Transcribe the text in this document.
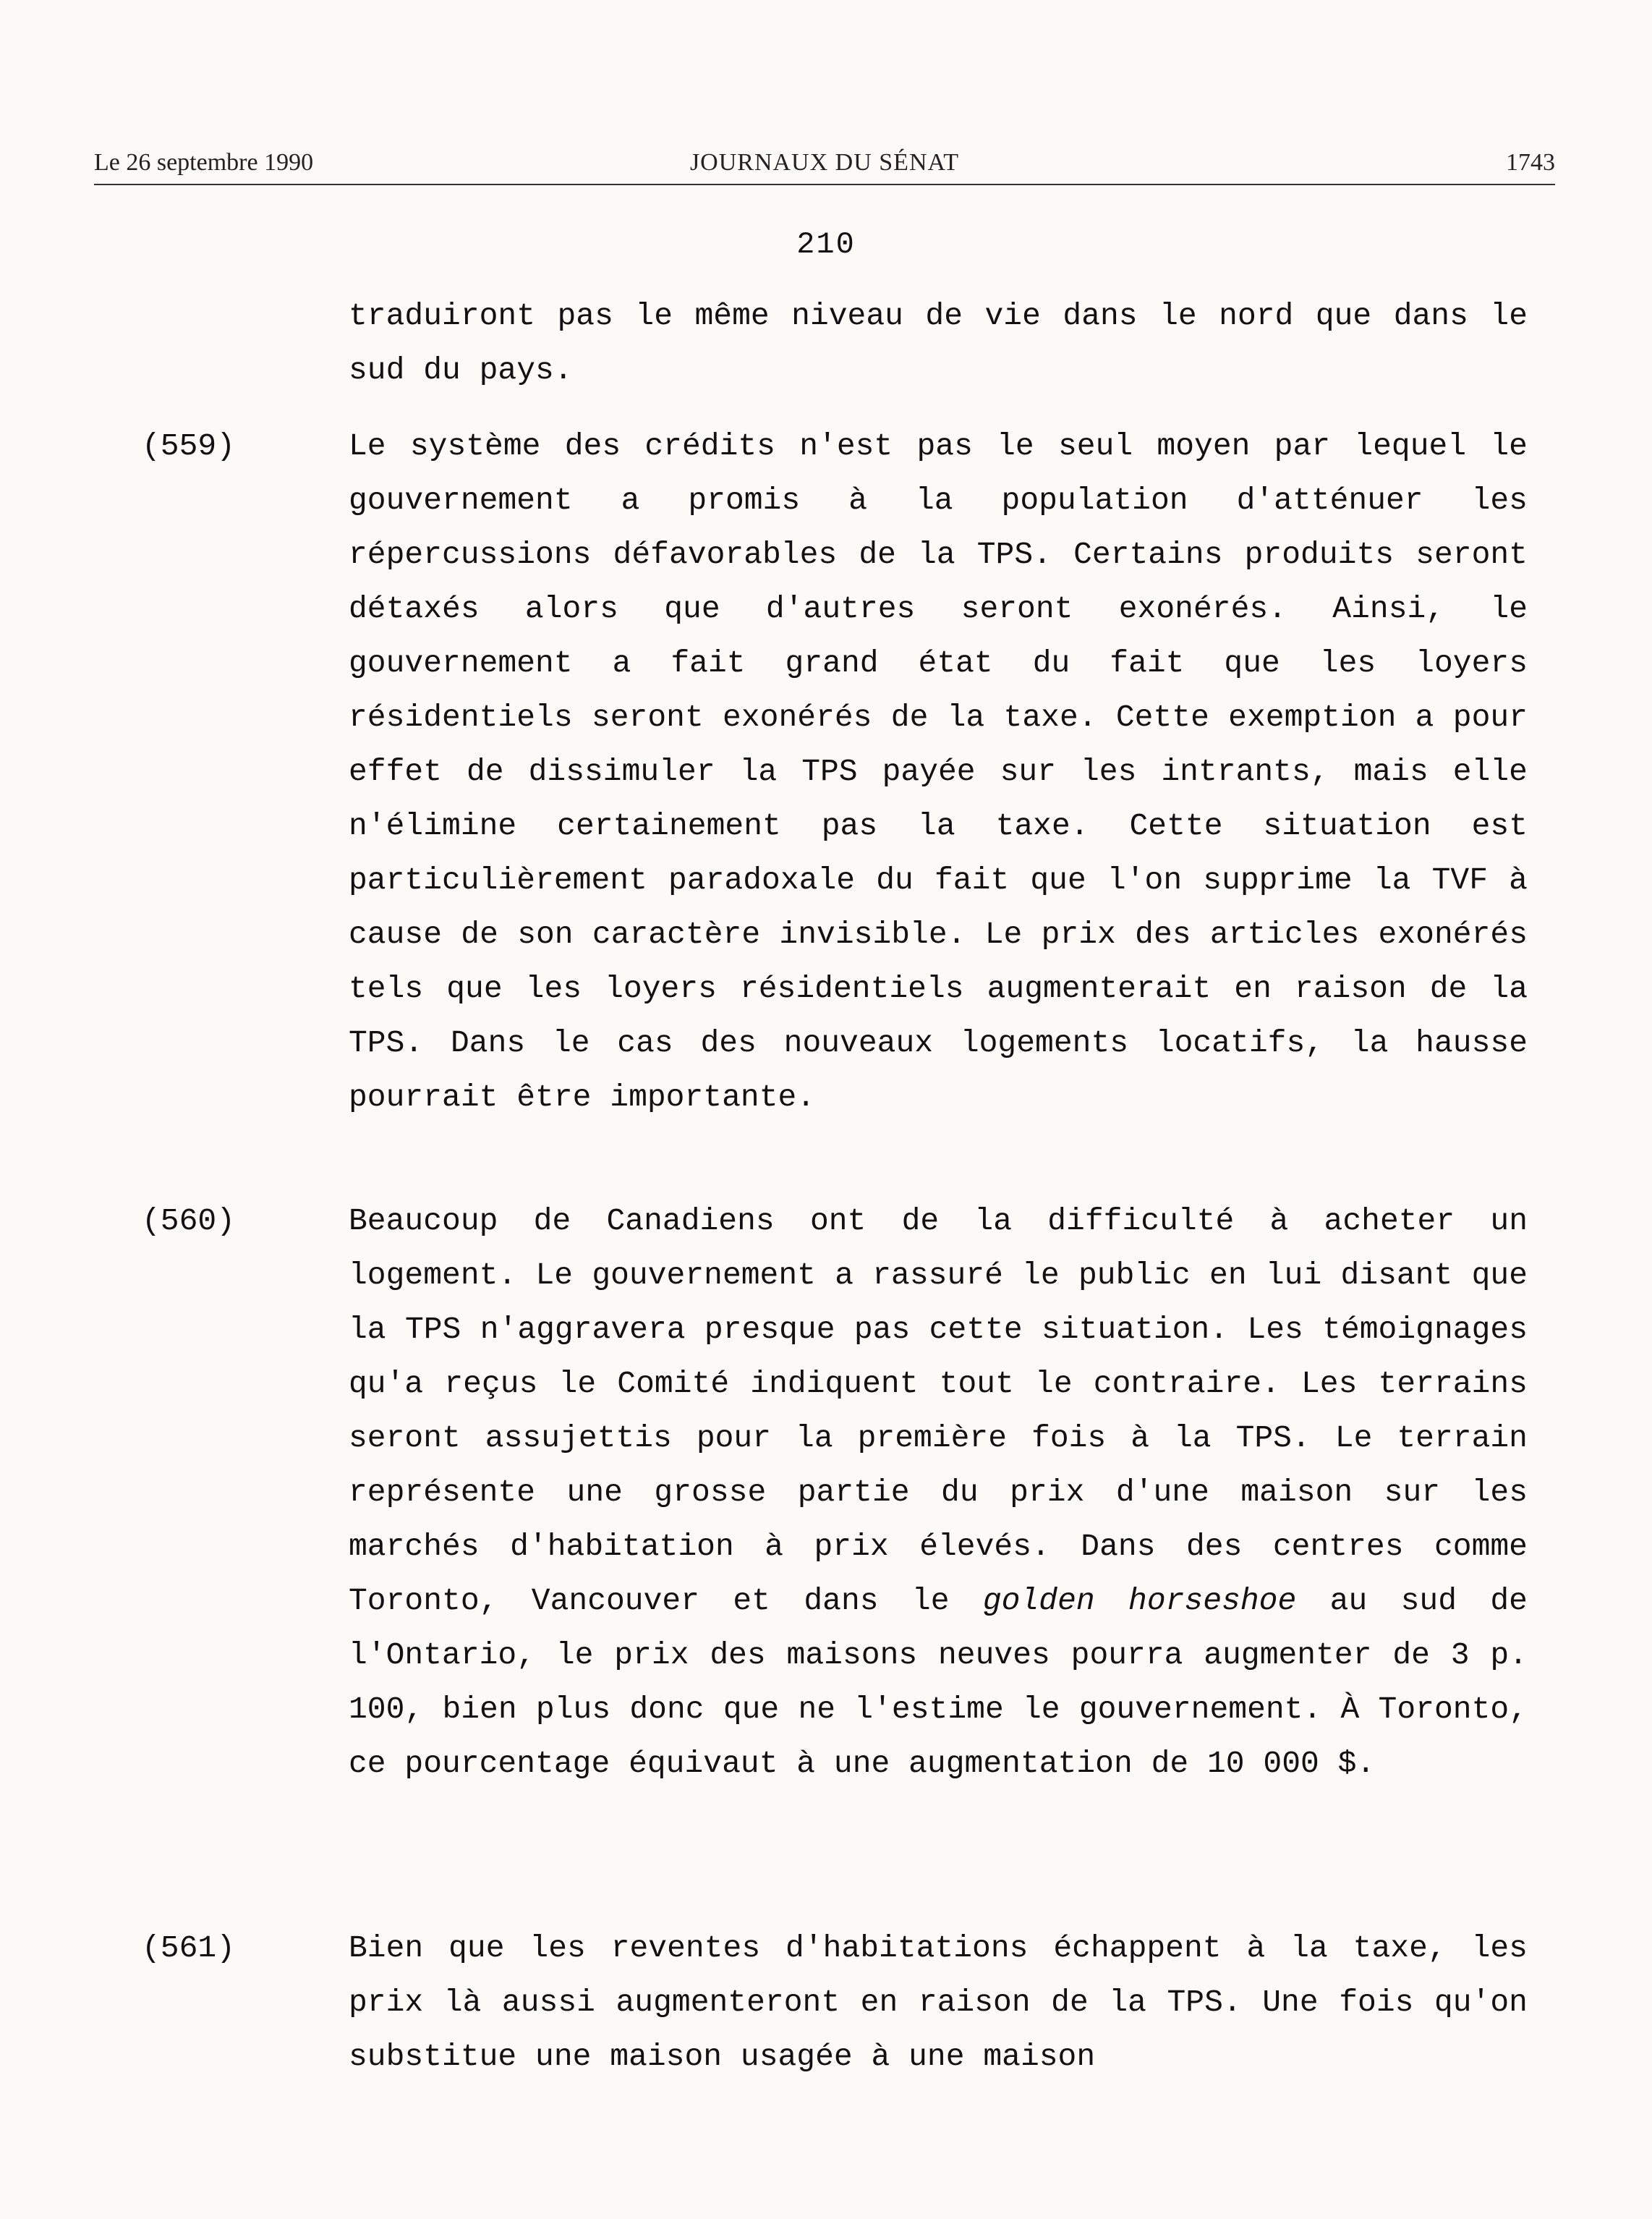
Le 26 septembre 1990	JOURNAUX DU SÉNAT	1743
210
traduiront pas le même niveau de vie dans le nord que dans le sud du pays.
(559)	Le système des crédits n'est pas le seul moyen par lequel le gouvernement a promis à la population d'atténuer les répercussions défavorables de la TPS. Certains produits seront détaxés alors que d'autres seront exonérés. Ainsi, le gouvernement a fait grand état du fait que les loyers résidentiels seront exonérés de la taxe. Cette exemption a pour effet de dissimuler la TPS payée sur les intrants, mais elle n'élimine certainement pas la taxe. Cette situation est particulièrement paradoxale du fait que l'on supprime la TVF à cause de son caractère invisible. Le prix des articles exonérés tels que les loyers résidentiels augmenterait en raison de la TPS. Dans le cas des nouveaux logements locatifs, la hausse pourrait être importante.
(560)	Beaucoup de Canadiens ont de la difficulté à acheter un logement. Le gouvernement a rassuré le public en lui disant que la TPS n'aggravera presque pas cette situation. Les témoignages qu'a reçus le Comité indiquent tout le contraire. Les terrains seront assujettis pour la première fois à la TPS. Le terrain représente une grosse partie du prix d'une maison sur les marchés d'habitation à prix élevés. Dans des centres comme Toronto, Vancouver et dans le golden horseshoe au sud de l'Ontario, le prix des maisons neuves pourra augmenter de 3 p. 100, bien plus donc que ne l'estime le gouvernement. À Toronto, ce pourcentage équivaut à une augmentation de 10 000 $.
(561)	Bien que les reventes d'habitations échappent à la taxe, les prix là aussi augmenteront en raison de la TPS. Une fois qu'on substitue une maison usagée à une maison
